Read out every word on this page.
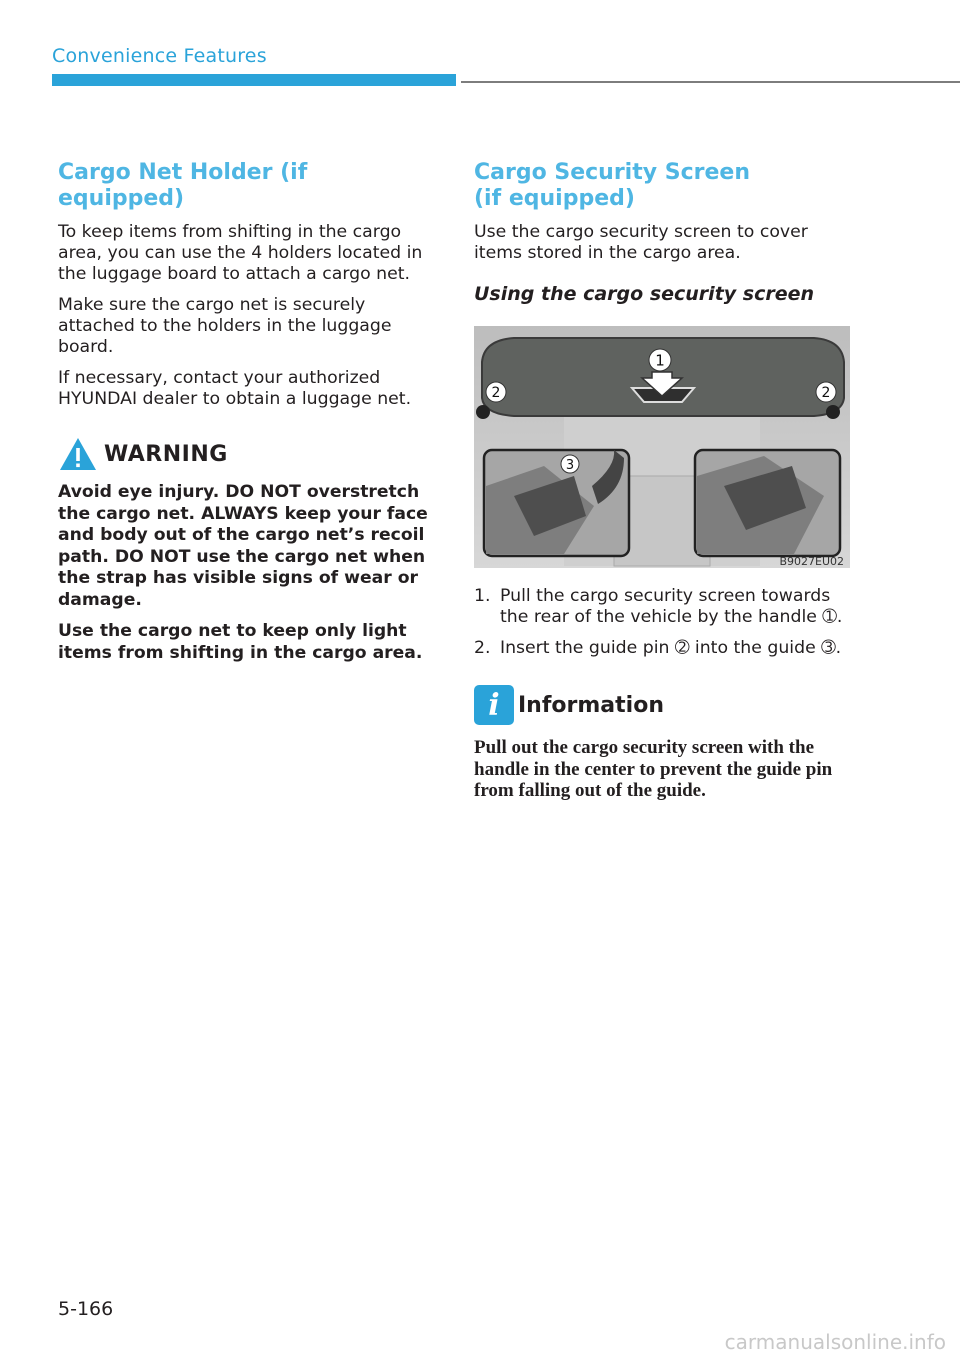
Convenience Features
Cargo Net Holder (if equipped)

To keep items from shifting in the cargo area, you can use the 4 holders located in the luggage board to attach a cargo net.

Make sure the cargo net is securely attached to the holders in the luggage board.

If necessary, contact your authorized HYUNDAI dealer to obtain a luggage net.

WARNING

Avoid eye injury. DO NOT overstretch the cargo net. ALWAYS keep your face and body out of the cargo net’s recoil path. DO NOT use the cargo net when the strap has visible signs of wear or damage.

Use the cargo net to keep only light items from shifting in the cargo area.

Cargo Security Screen
(if equipped)

Use the cargo security screen to cover items stored in the cargo area.

Using the cargo security screen
1
2	2
3
B9027EU02
1. Pull the cargo security screen towards the rear of the vehicle by the handle ➀.
2. Insert the guide pin ➁ into the guide ➂.
i Information

Pull out the cargo security screen with the handle in the center to prevent the guide pin from falling out of the guide.

5-166
carmanualsonline.info
